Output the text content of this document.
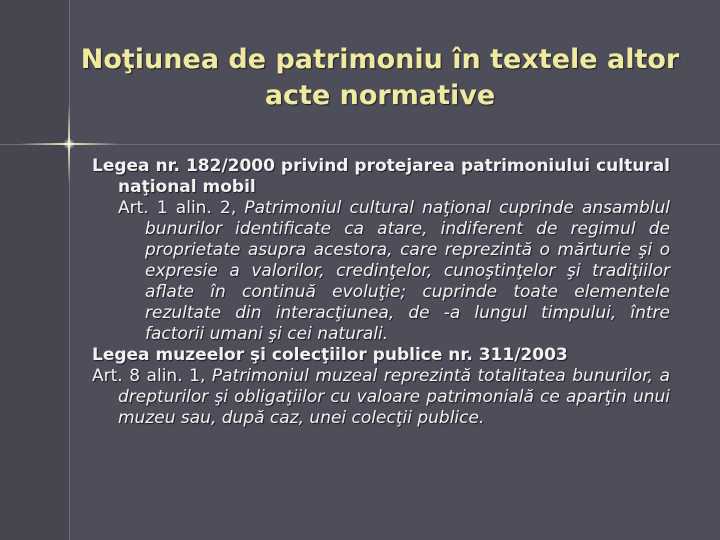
Noţiunea de patrimoniu în textele altor acte normative

Legea nr. 182/2000 privind protejarea patrimoniului cultural naţional mobil

Art. 1 alin. 2, Patrimoniul cultural naţional cuprinde ansamblul bunurilor identificate ca atare, indiferent de regimul de proprietate asupra acestora, care reprezintă o mărturie şi o expresie a valorilor, credinţelor, cunoştinţelor şi tradiţiilor aflate în continuă evoluţie; cuprinde toate elementele rezultate din interacţiunea, de -a lungul timpului, între factorii umani şi cei naturali.

Legea muzeelor şi colecţiilor publice nr. 311/2003

Art. 8 alin. 1, Patrimoniul muzeal reprezintă totalitatea bunurilor, a drepturilor şi obligaţiilor cu valoare patrimonială ce aparţin unui muzeu sau, după caz, unei colecţii publice.
